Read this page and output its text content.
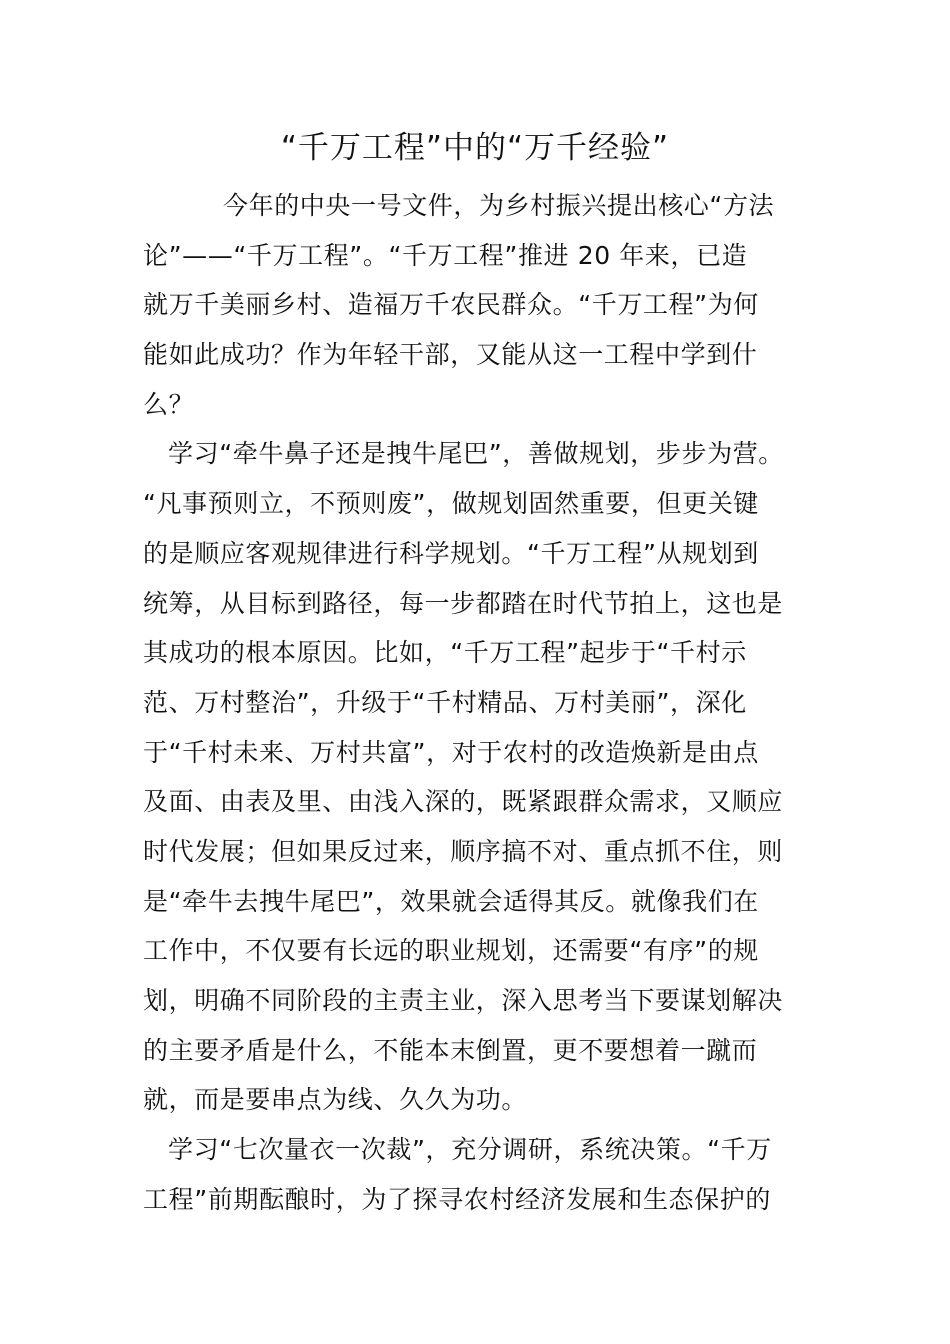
“千万工程”中的“万千经验”
今年的中央一号文件，为乡村振兴提出核心“方法
论”——“千万工程”。“千万工程”推进 20 年来，已造
就万千美丽乡村、造福万千农民群众。“千万工程”为何
能如此成功？作为年轻干部，又能从这一工程中学到什
么？
学习“牵牛鼻子还是拽牛尾巴”，善做规划，步步为营。
“凡事预则立，不预则废”，做规划固然重要，但更关键
的是顺应客观规律进行科学规划。“千万工程”从规划到
统筹，从目标到路径，每一步都踏在时代节拍上，这也是
其成功的根本原因。比如，“千万工程”起步于“千村示
范、万村整治”，升级于“千村精品、万村美丽”，深化
于“千村未来、万村共富”，对于农村的改造焕新是由点
及面、由表及里、由浅入深的，既紧跟群众需求，又顺应
时代发展；但如果反过来，顺序搞不对、重点抓不住，则
是“牵牛去拽牛尾巴”，效果就会适得其反。就像我们在
工作中，不仅要有长远的职业规划，还需要“有序”的规
划，明确不同阶段的主责主业，深入思考当下要谋划解决
的主要矛盾是什么，不能本末倒置，更不要想着一蹴而
就，而是要串点为线、久久为功。
学习“七次量衣一次裁”，充分调研，系统决策。“千万
工程”前期酝酿时，为了探寻农村经济发展和生态保护的
